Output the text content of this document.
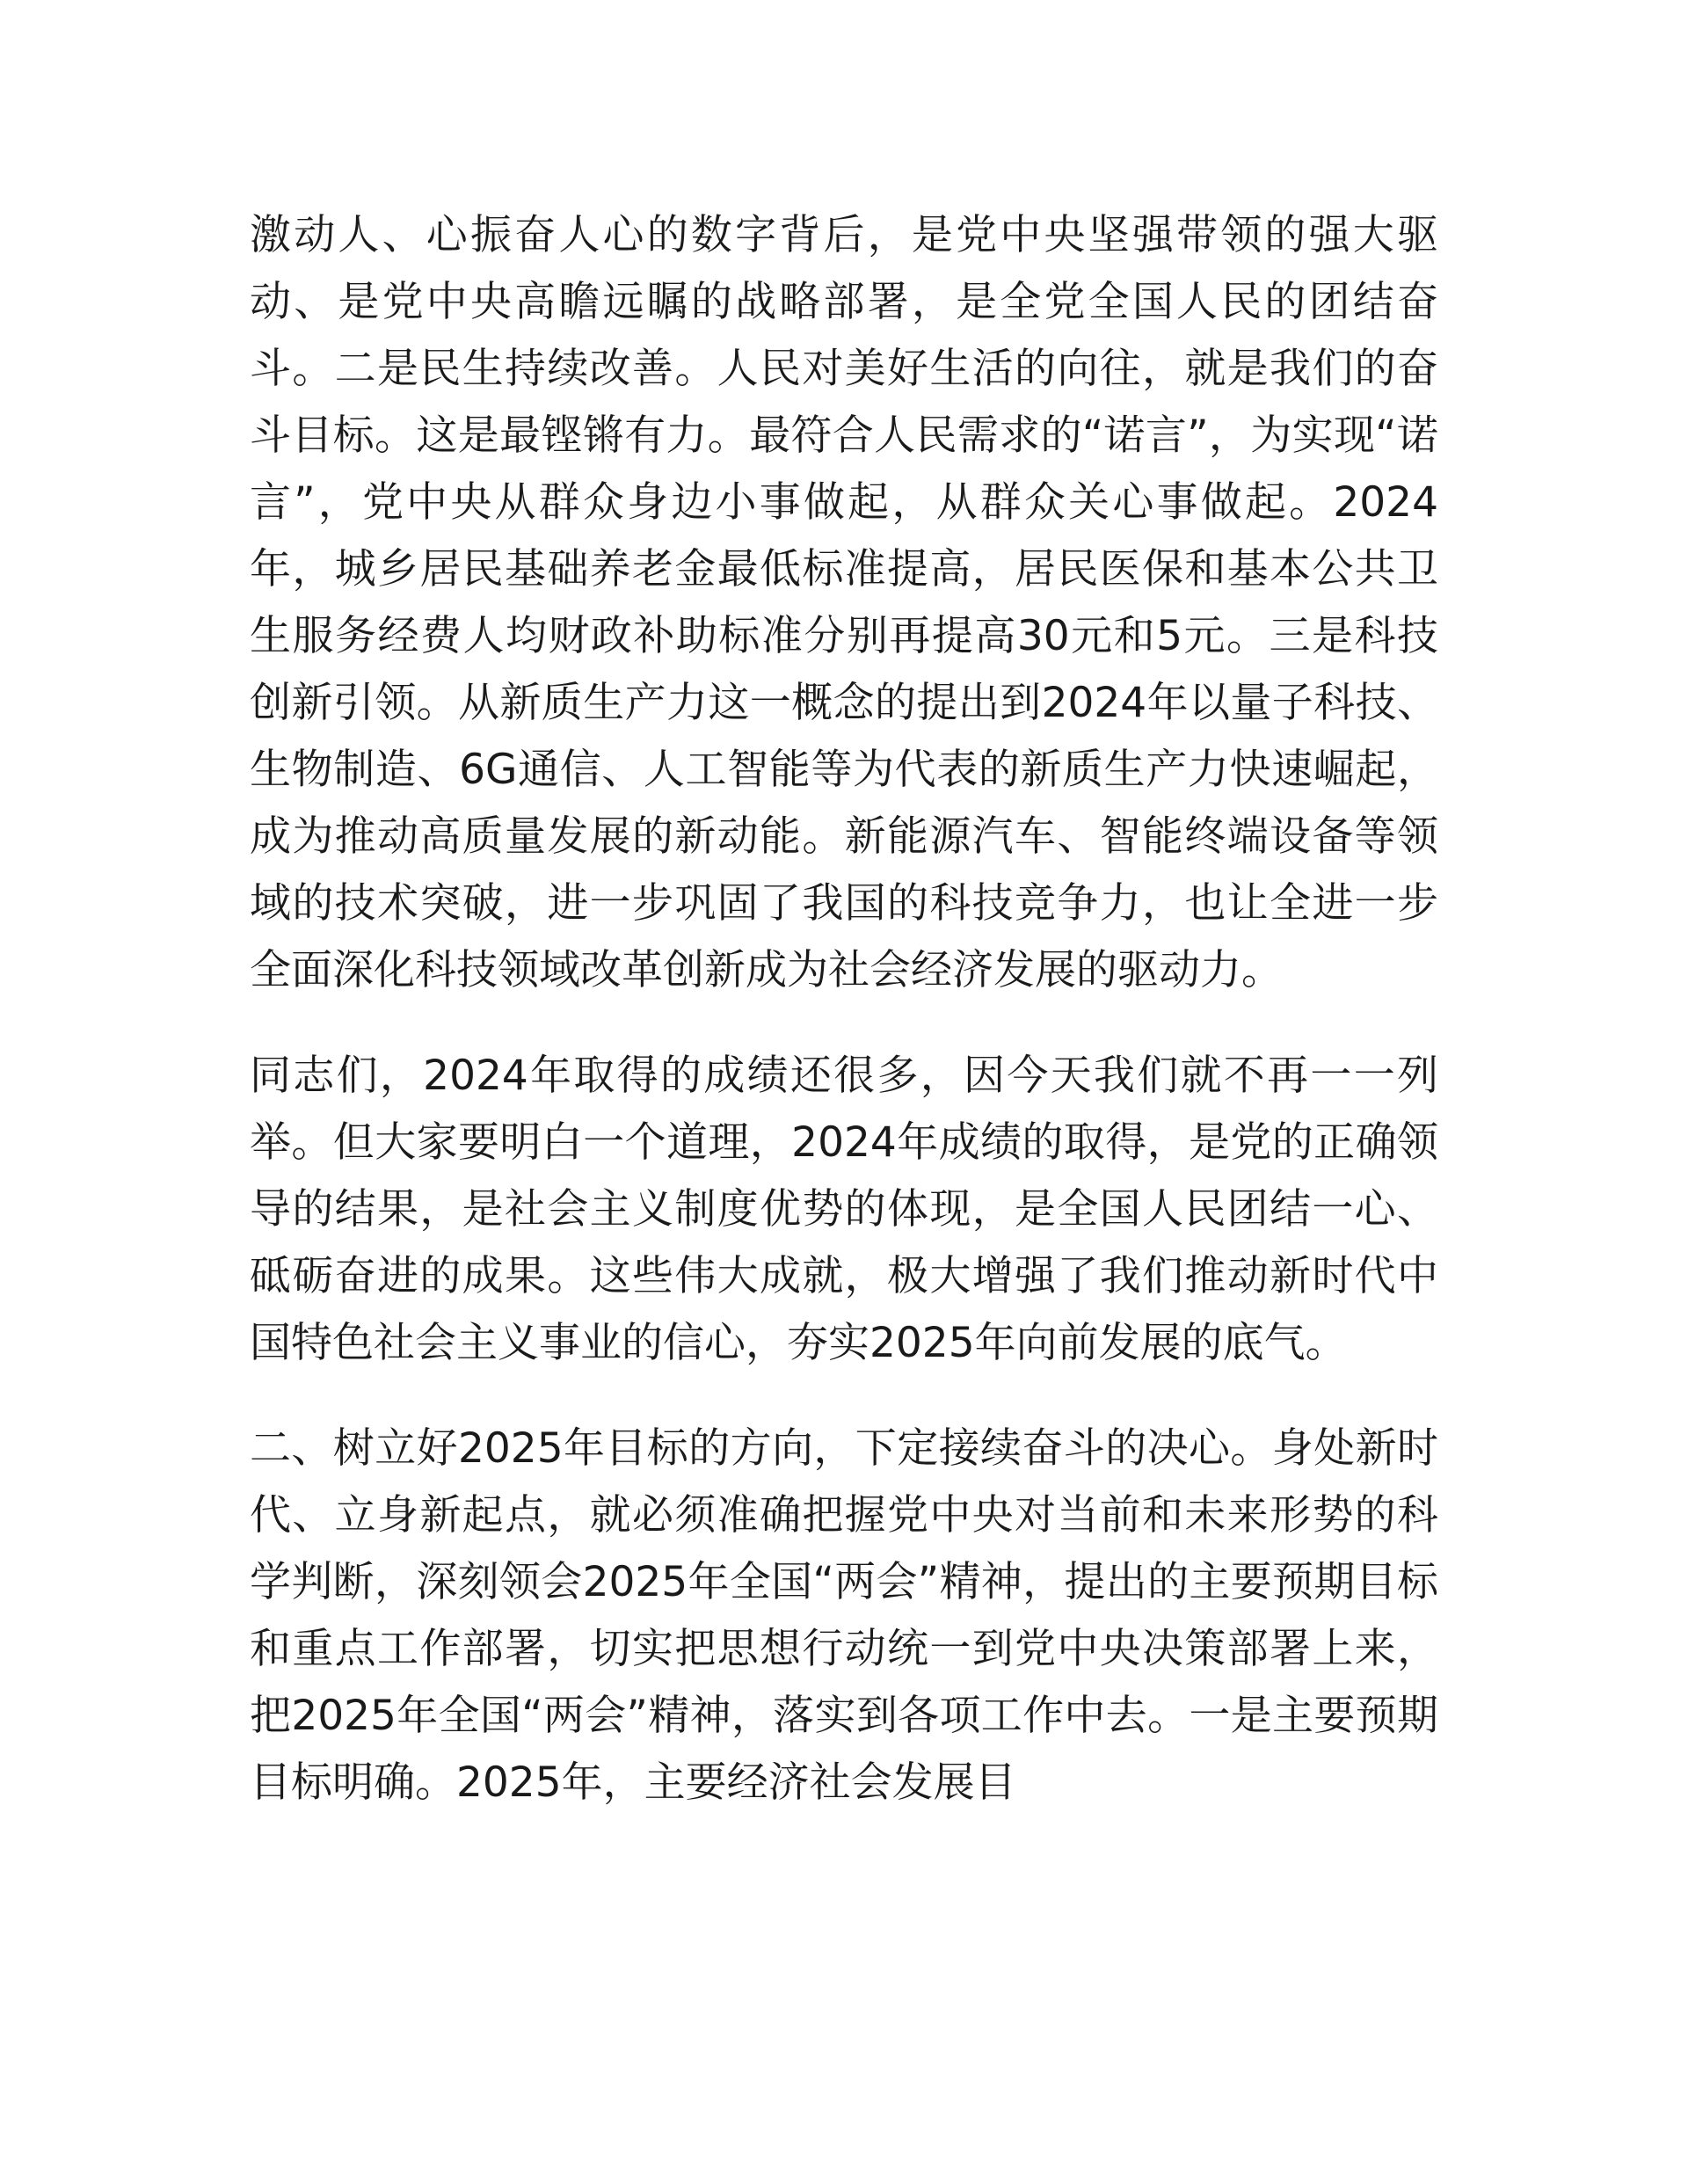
激动人、心振奋人心的数字背后，是党中央坚强带领的强大驱动、是党中央高瞻远瞩的战略部署，是全党全国人民的团结奋斗。二是民生持续改善。人民对美好生活的向往，就是我们的奋斗目标。这是最铿锵有力。最符合人民需求的“诺言”，为实现“诺言”，党中央从群众身边小事做起，从群众关心事做起。2024年，城乡居民基础养老金最低标准提高，居民医保和基本公共卫生服务经费人均财政补助标准分别再提高30元和5元。三是科技创新引领。从新质生产力这一概念的提出到2024年以量子科技、生物制造、6G通信、人工智能等为代表的新质生产力快速崛起，成为推动高质量发展的新动能。新能源汽车、智能终端设备等领域的技术突破，进一步巩固了我国的科技竞争力，也让全进一步全面深化科技领域改革创新成为社会经济发展的驱动力。

同志们，2024年取得的成绩还很多，因今天我们就不再一一列举。但大家要明白一个道理，2024年成绩的取得，是党的正确领导的结果，是社会主义制度优势的体现，是全国人民团结一心、砥砺奋进的成果。这些伟大成就，极大增强了我们推动新时代中国特色社会主义事业的信心，夯实2025年向前发展的底气。

二、树立好2025年目标的方向，下定接续奋斗的决心。身处新时代、立身新起点，就必须准确把握党中央对当前和未来形势的科学判断，深刻领会2025年全国“两会”精神，提出的主要预期目标和重点工作部署，切实把思想行动统一到党中央决策部署上来，把2025年全国“两会”精神，落实到各项工作中去。一是主要预期目标明确。2025年，主要经济社会发展目
